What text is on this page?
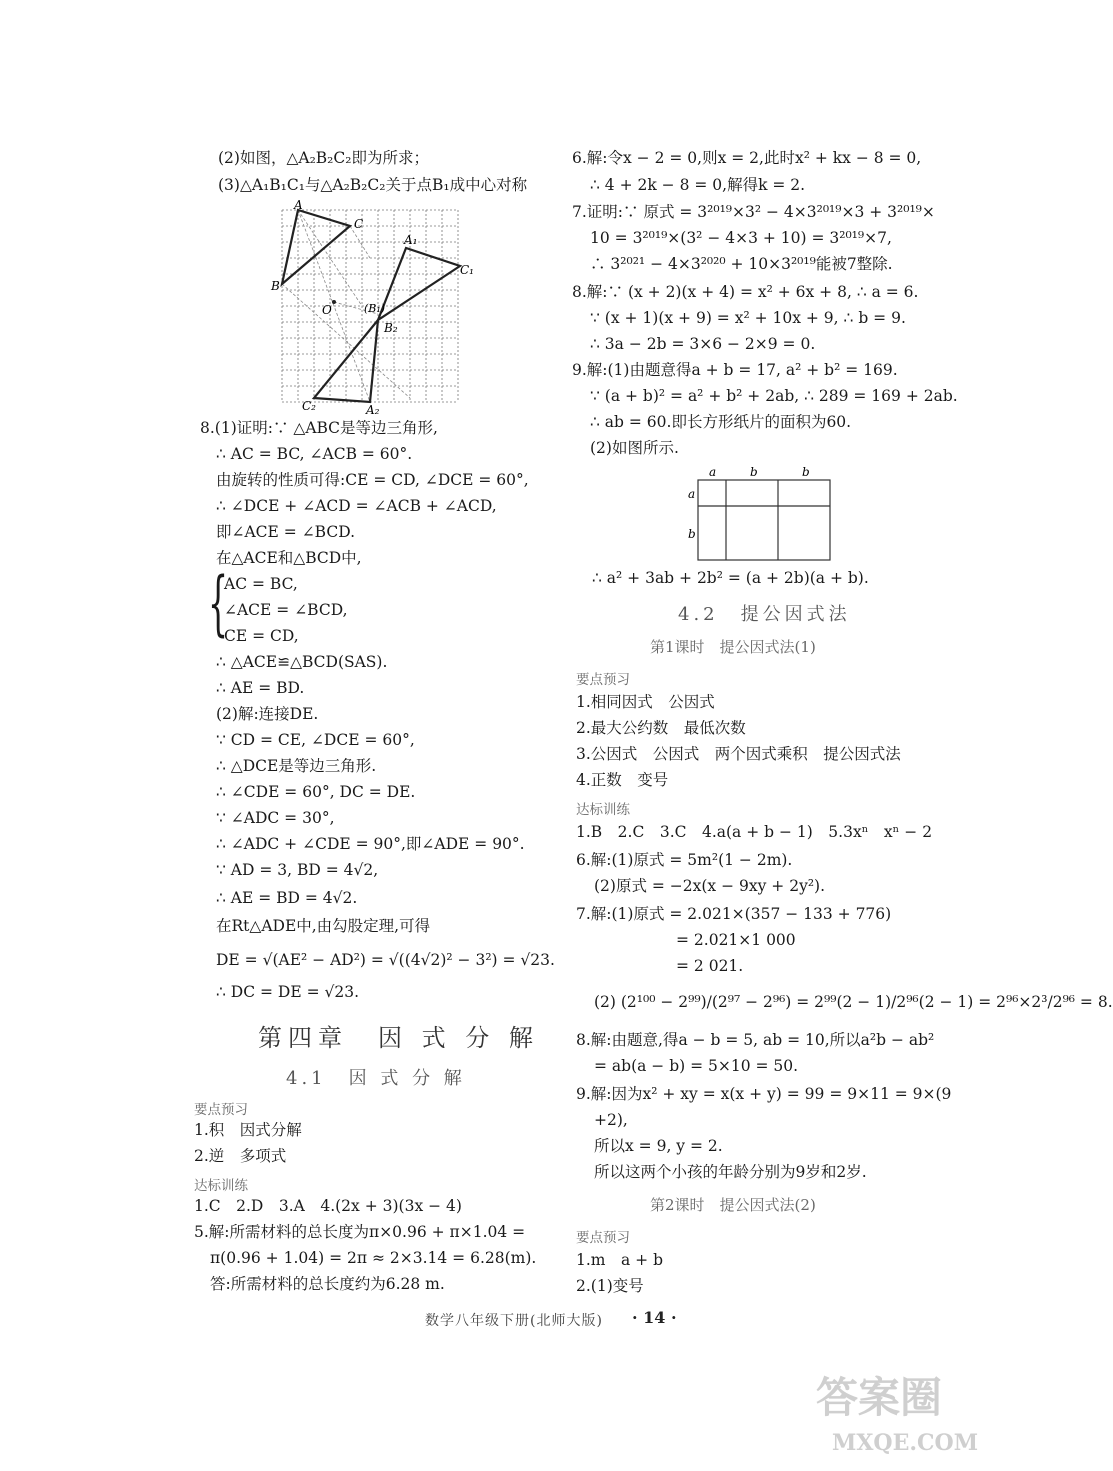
(2)如图，△A₂B₂C₂即为所求；
(3)△A₁B₁C₁与△A₂B₂C₂关于点B₁成中心对称
A
B
C
O
A₁
(B₁)
B₂
C₁
C₂	A₂
8.(1)证明:∵ △ABC是等边三角形,
∴ AC = BC, ∠ACB = 60°.
由旋转的性质可得:CE = CD, ∠DCE = 60°,
∴ ∠DCE + ∠ACD = ∠ACB + ∠ACD,
即∠ACE = ∠BCD.
在△ACE和△BCD中,
{
AC = BC,
∠ACE = ∠BCD,
CE = CD,
∴ △ACE≌△BCD(SAS).
∴ AE = BD.
(2)解:连接DE.
∵ CD = CE, ∠DCE = 60°,
∴ △DCE是等边三角形.
∴ ∠CDE = 60°, DC = DE.
∵ ∠ADC = 30°,
∴ ∠ADC + ∠CDE = 90°,即∠ADE = 90°.
∵ AD = 3, BD = 4√2,
∴ AE = BD = 4√2.
在Rt△ADE中,由勾股定理,可得
DE = √(AE² − AD²) = √((4√2)² − 3²) = √23.
∴ DC = DE = √23.
第四章　因 式 分 解
4.1　因 式 分 解
要点预习
1.积　因式分解
2.逆　多项式
达标训练
1.C　2.D　3.A　4.(2x + 3)(3x − 4)
5.解:所需材料的总长度为π×0.96 + π×1.04 =
π(0.96 + 1.04) = 2π ≈ 2×3.14 = 6.28(m).
答:所需材料的总长度约为6.28 m.
6.解:令x − 2 = 0,则x = 2,此时x² + kx − 8 = 0,
∴ 4 + 2k − 8 = 0,解得k = 2.
7.证明:∵ 原式 = 3²⁰¹⁹×3² − 4×3²⁰¹⁹×3 + 3²⁰¹⁹×
10 = 3²⁰¹⁹×(3² − 4×3 + 10) = 3²⁰¹⁹×7,
∴ 3²⁰²¹ − 4×3²⁰²⁰ + 10×3²⁰¹⁹能被7整除.
8.解:∵ (x + 2)(x + 4) = x² + 6x + 8, ∴ a = 6.
∵ (x + 1)(x + 9) = x² + 10x + 9, ∴ b = 9.
∴ 3a − 2b = 3×6 − 2×9 = 0.
9.解:(1)由题意得a + b = 17, a² + b² = 169.
∵ (a + b)² = a² + b² + 2ab, ∴ 289 = 169 + 2ab.
∴ ab = 60.即长方形纸片的面积为60.
(2)如图所示.
a	b	b
a
b
∴ a² + 3ab + 2b² = (a + 2b)(a + b).
4.2　提公因式法
第1课时　提公因式法(1)
要点预习
1.相同因式　公因式
2.最大公约数　最低次数
3.公因式　公因式　两个因式乘积　提公因式法
4.正数　变号
达标训练
1.B　2.C　3.C　4.a(a + b − 1)　5.3xⁿ　xⁿ − 2
6.解:(1)原式 = 5m²(1 − 2m).
(2)原式 = −2x(x − 9xy + 2y²).
7.解:(1)原式 = 2.021×(357 − 133 + 776)
= 2.021×1 000
= 2 021.
(2) (2¹⁰⁰ − 2⁹⁹)/(2⁹⁷ − 2⁹⁶) = 2⁹⁹(2 − 1)/2⁹⁶(2 − 1) = 2⁹⁶×2³/2⁹⁶ = 8.
8.解:由题意,得a − b = 5, ab = 10,所以a²b − ab²
= ab(a − b) = 5×10 = 50.
9.解:因为x² + xy = x(x + y) = 99 = 9×11 = 9×(9
+2),
所以x = 9, y = 2.
所以这两个小孩的年龄分别为9岁和2岁.
第2课时　提公因式法(2)
要点预习
1.m　a + b
2.(1)变号
数学八年级下册(北师大版) · 14 ·
答案圈
MXQE.COM
